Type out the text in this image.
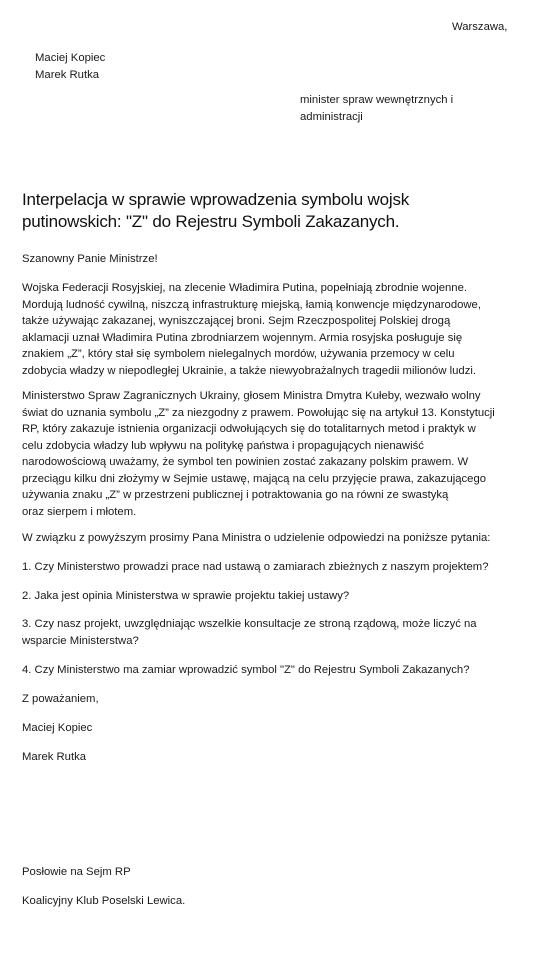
Warszawa,
Maciej Kopiec
Marek Rutka
minister spraw wewnętrznych i
administracji
Interpelacja w sprawie wprowadzenia symbolu wojsk
putinowskich: "Z" do Rejestru Symboli Zakazanych.
Szanowny Panie Ministrze!
Wojska Federacji Rosyjskiej, na zlecenie Władimira Putina, popełniają zbrodnie wojenne.
Mordują ludność cywilną, niszczą infrastrukturę miejską, łamią konwencje międzynarodowe,
także używając zakazanej, wyniszczającej broni. Sejm Rzeczpospolitej Polskiej drogą
aklamacji uznał Władimira Putina zbrodniarzem wojennym. Armia rosyjska posługuje się
znakiem „Z”, który stał się symbolem nielegalnych mordów, używania przemocy w celu
zdobycia władzy w niepodległej Ukrainie, a także niewyobrażalnych tragedii milionów ludzi.
Ministerstwo Spraw Zagranicznych Ukrainy, głosem Ministra Dmytra Kułeby, wezwało wolny
świat do uznania symbolu „Z” za niezgodny z prawem. Powołując się na artykuł 13. Konstytucji
RP, który zakazuje istnienia organizacji odwołujących się do totalitarnych metod i praktyk w
celu zdobycia władzy lub wpływu na politykę państwa i propagujących nienawiść
narodowościową uważamy, że symbol ten powinien zostać zakazany polskim prawem. W
przeciągu kilku dni złożymy w Sejmie ustawę, mającą na celu przyjęcie prawa, zakazującego
używania znaku „Z” w przestrzeni publicznej i potraktowania go na równi ze swastyką
oraz sierpem i młotem.
W związku z powyższym prosimy Pana Ministra o udzielenie odpowiedzi na poniższe pytania:
1. Czy Ministerstwo prowadzi prace nad ustawą o zamiarach zbieżnych z naszym projektem?
2. Jaka jest opinia Ministerstwa w sprawie projektu takiej ustawy?
3. Czy nasz projekt, uwzględniając wszelkie konsultacje ze stroną rządową, może liczyć na
wsparcie Ministerstwa?
4. Czy Ministerstwo ma zamiar wprowadzić symbol "Z" do Rejestru Symboli Zakazanych?
Z poważaniem,
Maciej Kopiec
Marek Rutka
Posłowie na Sejm RP
Koalicyjny Klub Poselski Lewica.
